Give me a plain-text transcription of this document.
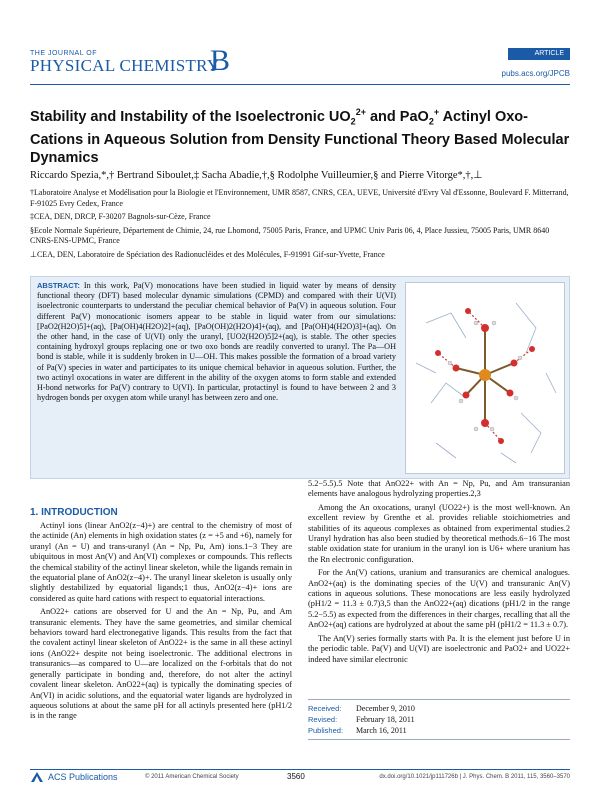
THE JOURNAL OF
PHYSICAL CHEMISTRY
B	ARTICLE
pubs.acs.org/JPCB
Stability and Instability of the Isoelectronic $UO_2^{2+}$ and PaO$_2$+ Actinyl Oxo-Cations in Aqueous Solution from Density Functional Theory Based Molecular Dynamics
Riccardo Spezia,*,† Bertrand Siboulet,‡ Sacha Abadie,†,§ Rodolphe Vuilleumier,§ and Pierre Vitorge*,†,⊥

†Laboratoire Analyse et Modélisation pour la Biologie et l'Environnement, UMR 8587, CNRS, CEA, UEVE, Université d'Evry Val d'Essonne, Boulevard F. Mitterrand, F-91025 Evry Cedex, France

‡CEA, DEN, DRCP, F-30207 Bagnols-sur-Cèze, France

§Ecole Normale Supérieure, Département de Chimie, 24, rue Lhomond, 75005 Paris, France, and UPMC Univ Paris 06, 4, Place Jussieu, 75005 Paris, UMR 8640 CNRS-ENS-UPMC, France

⊥CEA, DEN, Laboratoire de Spéciation des Radionucléides et des Molécules, F-91991 Gif-sur-Yvette, France

ABSTRACT: In this work, Pa(V) monocations have been studied in liquid water by means of density functional theory (DFT) based molecular dynamic simulations (CPMD) and compared with their U(VI) isoelectronic counterparts to understand the peculiar chemical behavior of Pa(V) in aqueous solution. Four different Pa(V) monocationic isomers appear to be stable in liquid water from our simulations: [PaO2(H2O)5]+(aq), [Pa(OH)4(H2O)2]+(aq), [PaO(OH)2(H2O)4]+(aq), and [Pa(OH)4(H2O)3]+(aq). On the other hand, in the case of U(VI) only the uranyl, [UO2(H2O)5]2+(aq), is stable. The other species containing hydroxyl groups replacing one or two oxo bonds are readily converted to uranyl. The Pa—OH bond is stable, while it is suddenly broken in U—OH. This makes possible the formation of a broad variety of Pa(V) species in water and participates to its unique chemical behavior in aqueous solution. Further, the two actinyl oxocations in water are different in the ability of the oxygen atoms to form stable and extended H-bond networks for Pa(V) contrary to U(VI). In particular, protactinyl is found to have between 2 and 3 hydrogen bonds per oxygen atom while uranyl has between zero and one.
1. INTRODUCTION

Actinyl ions (linear AnO2(z−4)+) are central to the chemistry of most of the actinide (An) elements in high oxidation states (z = +5 and +6), namely for uranyl (An = U) and trans-uranyl (An = Np, Pu, Am) ions.1−3 They are ubiquitous in most An(V) and An(VI) complexes or compounds. This reflects the chemical stability of the actinyl linear skeleton, while the ligands remain in the equatorial plane of AnO2(z−4)+. The uranyl linear skeleton is usually only slightly destabilized by equatorial ligands;1 thus, AnO2(z−4)+ ions are considered as quite hard cations with respect to equatorial interactions.

AnO22+ cations are observed for U and the An = Np, Pu, and Am transuranic elements. They have the same geometries, and similar chemical behaviors toward hard electronegative ligands. This results from the fact that the covalent actinyl linear skeleton of AnO22+ is the same in all these actinyl ions (AnO22+ despite not being isoelectronic. The additional electrons in transuranics—as compared to U—are localized on the f-orbitals that do not generally participate in bonding and, therefore, do not alter the actinyl covalent linear skeleton. AnO22+(aq) is typically the dominating species of An(VI) in acidic solutions, and the equatorial water ligands are hydrolyzed in aqueous solutions at about the same pH for all actinyls presented here (pH1/2 is in the range

5.2−5.5).5 Note that AnO22+ with An = Np, Pu, and Am transuranian elements have analogous hydrolyzing properties.2,3

Among the An oxocations, uranyl (UO22+) is the most well-known. An excellent review by Grenthe et al. provides reliable stoichiometries and stabilities of its aqueous complexes as obtained from experimental studies.2 Uranyl hydration has also been studied by theoretical methods.6−16 The most stable oxidation state for uranium in the uranyl ion is U6+ where uranium has the Rn electronic configuration.

For the An(V) cations, uranium and transuranics are chemical analogues. AnO2+(aq) is the dominating species of the U(V) and transuranic An(V) cations in aqueous solutions. These monocations are less easily hydrolyzed (pH1/2 = 11.3 ± 0.7)3,5 than the AnO22+(aq) dications (pH1/2 in the range 5.2−5.5) as expected from the differences in their charges, recalling that all the AnO2+(aq) cations are hydrolyzed at about the same pH (pH1/2 = 11.3 ± 0.7).

The An(V) series formally starts with Pa. It is the element just before U in the periodic table. Pa(V) and U(VI) are isoelectronic and PaO2+ and UO22+ indeed have similar electronic

Received:	December 9, 2010
Revised:	February 18, 2011
Published:	March 16, 2011
ACS Publications	© 2011 American Chemical Society	3560	dx.doi.org/10.1021/jp111726b | J. Phys. Chem. B 2011, 115, 3560–3570
